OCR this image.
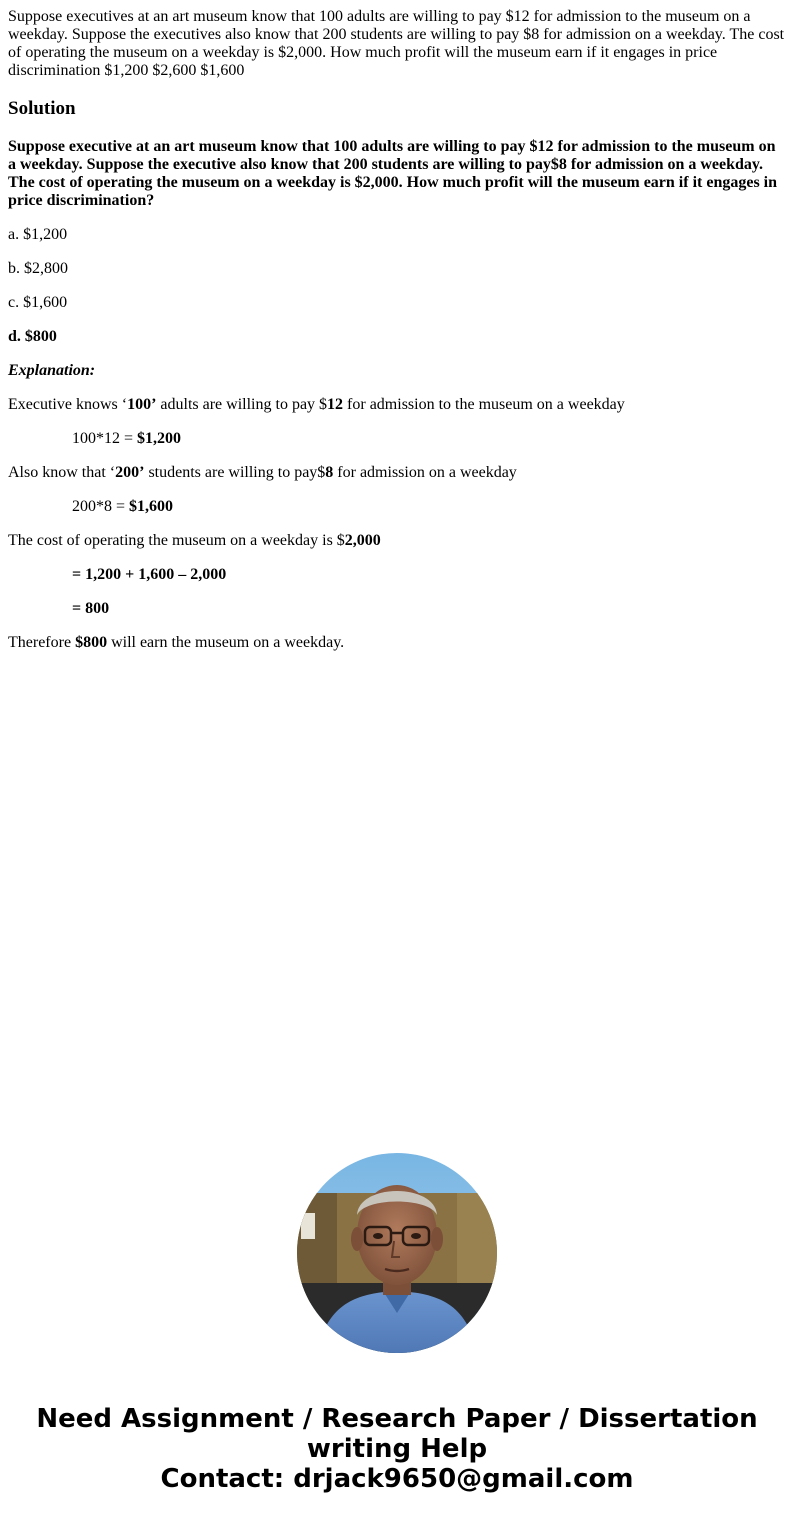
Suppose executives at an art museum know that 100 adults are willing to pay $12 for admission to the museum on a weekday. Suppose the executives also know that 200 students are willing to pay $8 for admission on a weekday. The cost of operating the museum on a weekday is $2,000. How much profit will the museum earn if it engages in price discrimination $1,200 $2,600 $1,600
Solution

Suppose executive at an art museum know that 100 adults are willing to pay $12 for admission to the museum on a weekday. Suppose the executive also know that 200 students are willing to pay$8 for admission on a weekday. The cost of operating the museum on a weekday is $2,000. How much profit will the museum earn if it engages in price discrimination?

a. $1,200

b. $2,800

c. $1,600

d. $800

Explanation:

Executive knows ‘100’ adults are willing to pay $12 for admission to the museum on a weekday

100*12 = $1,200

Also know that ‘200’ students are willing to pay$8 for admission on a weekday

200*8 = $1,600

The cost of operating the museum on a weekday is $2,000

= 1,200 + 1,600 – 2,000

= 800

Therefore $800 will earn the museum on a weekday.

Need Assignment / Research Paper / Dissertation
writing Help
Contact: drjack9650@gmail.com
